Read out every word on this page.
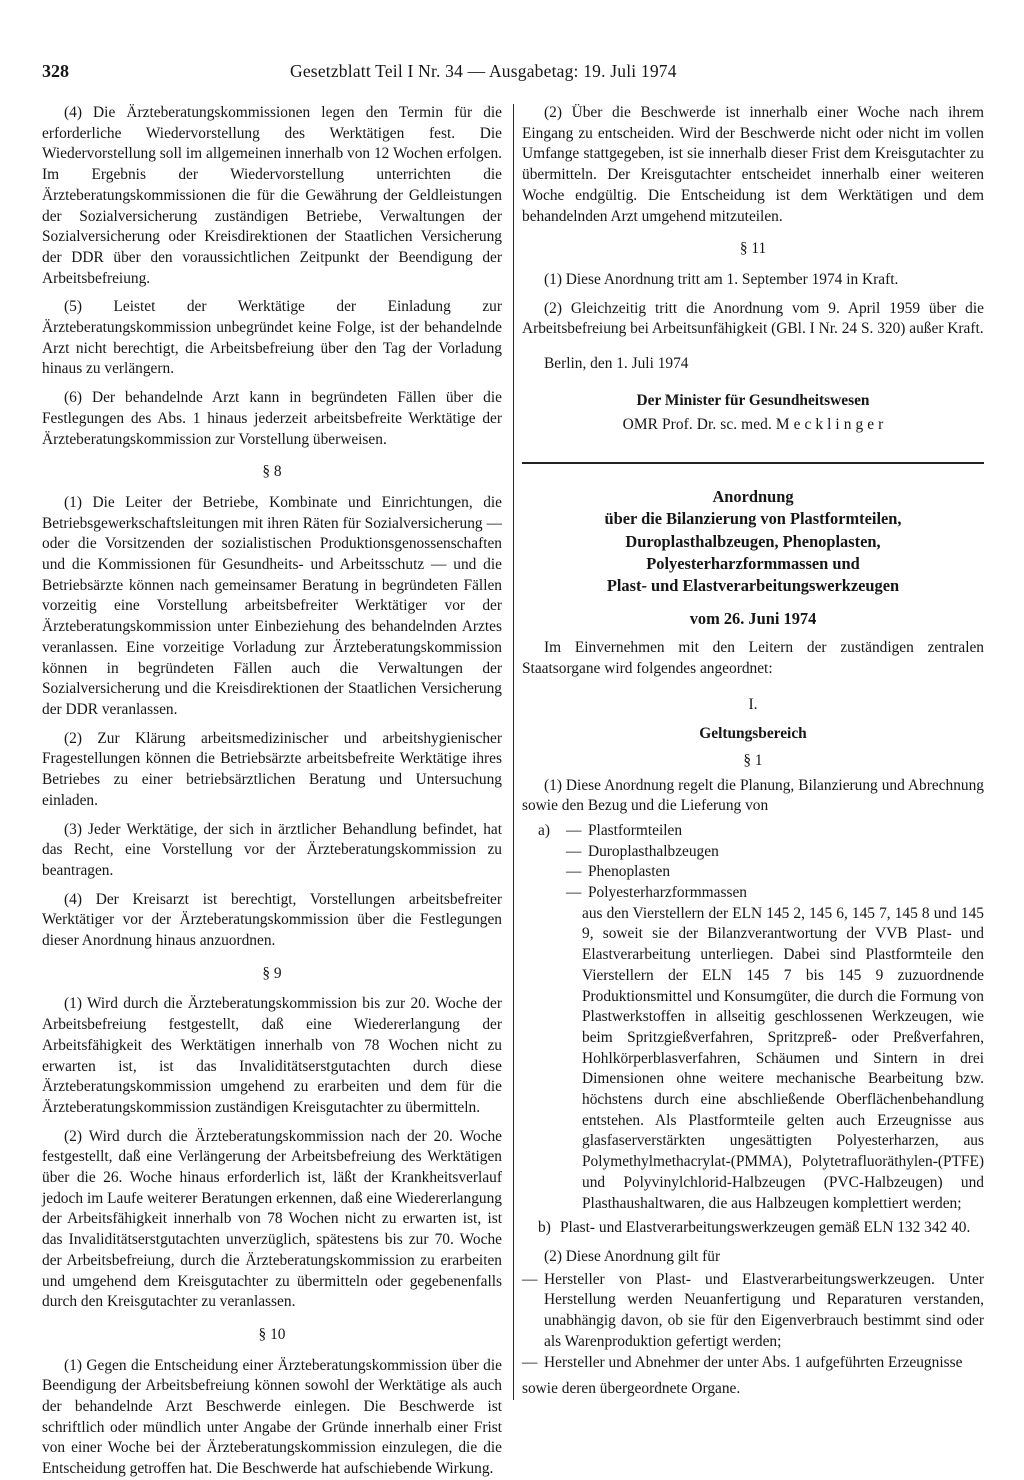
328	Gesetzblatt Teil I Nr. 34 — Ausgabetag: 19. Juli 1974

(4) Die Ärzteberatungskommissionen legen den Termin für die erforderliche Wiedervorstellung des Werktätigen fest. Die Wiedervorstellung soll im allgemeinen innerhalb von 12 Wochen erfolgen. Im Ergebnis der Wiedervorstellung unterrichten die Ärzteberatungskommissionen die für die Gewährung der Geldleistungen der Sozialversicherung zuständigen Betriebe, Verwaltungen der Sozialversicherung oder Kreisdirektionen der Staatlichen Versicherung der DDR über den voraussichtlichen Zeitpunkt der Beendigung der Arbeitsbefreiung.

(5) Leistet der Werktätige der Einladung zur Ärzteberatungskommission unbegründet keine Folge, ist der behandelnde Arzt nicht berechtigt, die Arbeitsbefreiung über den Tag der Vorladung hinaus zu verlängern.

(6) Der behandelnde Arzt kann in begründeten Fällen über die Festlegungen des Abs. 1 hinaus jederzeit arbeitsbefreite Werktätige der Ärzteberatungskommission zur Vorstellung überweisen.

§ 8

(1) Die Leiter der Betriebe, Kombinate und Einrichtungen, die Betriebsgewerkschaftsleitungen mit ihren Räten für Sozialversicherung — oder die Vorsitzenden der sozialistischen Produktionsgenossenschaften und die Kommissionen für Gesundheits- und Arbeitsschutz — und die Betriebsärzte können nach gemeinsamer Beratung in begründeten Fällen vorzeitig eine Vorstellung arbeitsbefreiter Werktätiger vor der Ärzteberatungskommission unter Einbeziehung des behandelnden Arztes veranlassen. Eine vorzeitige Vorladung zur Ärzteberatungskommission können in begründeten Fällen auch die Verwaltungen der Sozialversicherung und die Kreisdirektionen der Staatlichen Versicherung der DDR veranlassen.

(2) Zur Klärung arbeitsmedizinischer und arbeitshygienischer Fragestellungen können die Betriebsärzte arbeitsbefreite Werktätige ihres Betriebes zu einer betriebsärztlichen Beratung und Untersuchung einladen.

(3) Jeder Werktätige, der sich in ärztlicher Behandlung befindet, hat das Recht, eine Vorstellung vor der Ärzteberatungskommission zu beantragen.

(4) Der Kreisarzt ist berechtigt, Vorstellungen arbeitsbefreiter Werktätiger vor der Ärzteberatungskommission über die Festlegungen dieser Anordnung hinaus anzuordnen.

§ 9

(1) Wird durch die Ärzteberatungskommission bis zur 20. Woche der Arbeitsbefreiung festgestellt, daß eine Wiedererlangung der Arbeitsfähigkeit des Werktätigen innerhalb von 78 Wochen nicht zu erwarten ist, ist das Invaliditätserstgutachten durch diese Ärzteberatungskommission umgehend zu erarbeiten und dem für die Ärzteberatungskommission zuständigen Kreisgutachter zu übermitteln.

(2) Wird durch die Ärzteberatungskommission nach der 20. Woche festgestellt, daß eine Verlängerung der Arbeitsbefreiung des Werktätigen über die 26. Woche hinaus erforderlich ist, läßt der Krankheitsverlauf jedoch im Laufe weiterer Beratungen erkennen, daß eine Wiedererlangung der Arbeitsfähigkeit innerhalb von 78 Wochen nicht zu erwarten ist, ist das Invaliditätserstgutachten unverzüglich, spätestens bis zur 70. Woche der Arbeitsbefreiung, durch die Ärzteberatungskommission zu erarbeiten und umgehend dem Kreisgutachter zu übermitteln oder gegebenenfalls durch den Kreisgutachter zu veranlassen.

§ 10

(1) Gegen die Entscheidung einer Ärzteberatungskommission über die Beendigung der Arbeitsbefreiung können sowohl der Werktätige als auch der behandelnde Arzt Beschwerde einlegen. Die Beschwerde ist schriftlich oder mündlich unter Angabe der Gründe innerhalb einer Frist von einer Woche bei der Ärzteberatungskommission einzulegen, die die Entscheidung getroffen hat. Die Beschwerde hat aufschiebende Wirkung.

(2) Über die Beschwerde ist innerhalb einer Woche nach ihrem Eingang zu entscheiden. Wird der Beschwerde nicht oder nicht im vollen Umfange stattgegeben, ist sie innerhalb dieser Frist dem Kreisgutachter zu übermitteln. Der Kreisgutachter entscheidet innerhalb einer weiteren Woche endgültig. Die Entscheidung ist dem Werktätigen und dem behandelnden Arzt umgehend mitzuteilen.

§ 11

(1) Diese Anordnung tritt am 1. September 1974 in Kraft.

(2) Gleichzeitig tritt die Anordnung vom 9. April 1959 über die Arbeitsbefreiung bei Arbeitsunfähigkeit (GBl. I Nr. 24 S. 320) außer Kraft.

Berlin, den 1. Juli 1974

Der Minister für Gesundheitswesen

OMR Prof. Dr. sc. med. M e c k l i n g e r

Anordnung
über die Bilanzierung von Plastformteilen,
Duroplasthalbzeugen, Phenoplasten,
Polyesterharzformmassen und
Plast- und Elastverarbeitungswerkzeugen
vom 26. Juni 1974

Im Einvernehmen mit den Leitern der zuständigen zentralen Staatsorgane wird folgendes angeordnet:

I.

Geltungsbereich

§ 1

(1) Diese Anordnung regelt die Planung, Bilanzierung und Abrechnung sowie den Bezug und die Lieferung von

a) — Plastformteilen
— Duroplasthalbzeugen
— Phenoplasten
— Polyesterharzformmassen

aus den Vierstellern der ELN 145 2, 145 6, 145 7, 145 8 und 145 9, soweit sie der Bilanzverantwortung der VVB Plast- und Elastverarbeitung unterliegen. Dabei sind Plastformteile den Vierstellern der ELN 145 7 bis 145 9 zuzuordnende Produktionsmittel und Konsumgüter, die durch die Formung von Plastwerkstoffen in allseitig geschlossenen Werkzeugen, wie beim Spritzgießverfahren, Spritzpreß- oder Preßverfahren, Hohlkörperblasverfahren, Schäumen und Sintern in drei Dimensionen ohne weitere mechanische Bearbeitung bzw. höchstens durch eine abschließende Oberflächenbehandlung entstehen. Als Plastformteile gelten auch Erzeugnisse aus glasfaserverstärkten ungesättigten Polyesterharzen, aus Polymethylmethacrylat-(PMMA), Polytetrafluoräthylen-(PTFE) und Polyvinylchlorid-Halbzeugen (PVC-Halbzeugen) und Plasthaushaltwaren, die aus Halbzeugen komplettiert werden;

b) Plast- und Elastverarbeitungswerkzeugen gemäß ELN 132 342 40.

(2) Diese Anordnung gilt für

— Hersteller von Plast- und Elastverarbeitungswerkzeugen. Unter Herstellung werden Neuanfertigung und Reparaturen verstanden, unabhängig davon, ob sie für den Eigenverbrauch bestimmt sind oder als Warenproduktion gefertigt werden;
— Hersteller und Abnehmer der unter Abs. 1 aufgeführten Erzeugnisse

sowie deren übergeordnete Organe.
